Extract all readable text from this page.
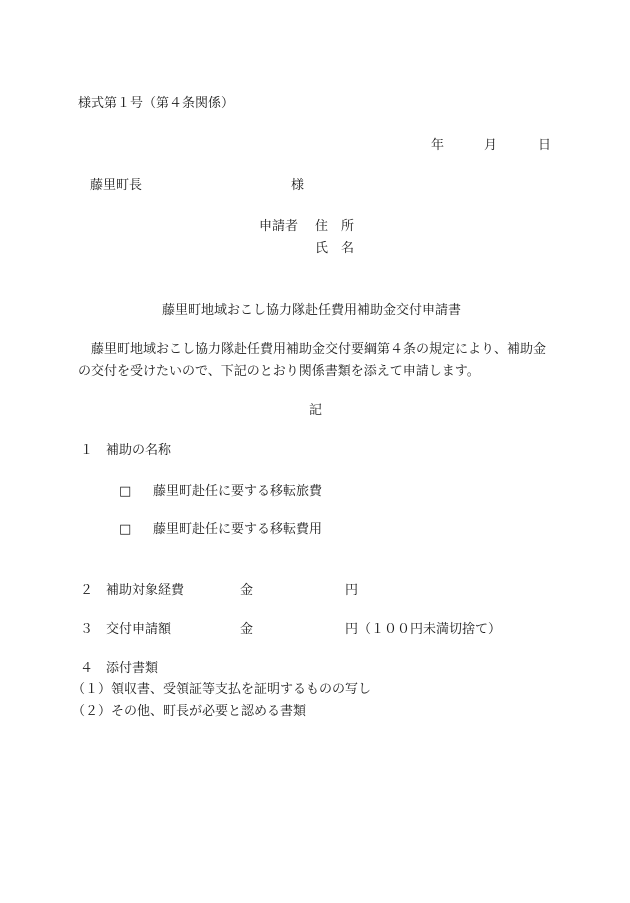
様式第１号（第４条関係）
年	月	日
藤里町長	様
申請者 住　所
氏　名
藤里町地域おこし協力隊赴任費用補助金交付申請書
　藤里町地域おこし協力隊赴任費用補助金交付要綱第４条の規定により、補助金の交付を受けたいので、下記のとおり関係書類を添えて申請します。
記
１ 補助の名称
□ 藤里町赴任に要する移転旅費
□ 藤里町赴任に要する移転費用
２ 補助対象経費	金	円
３ 交付申請額	金	円（１００円未満切捨て）
４ 添付書類
（１）領収書、受領証等支払を証明するものの写し
（２）その他、町長が必要と認める書類
